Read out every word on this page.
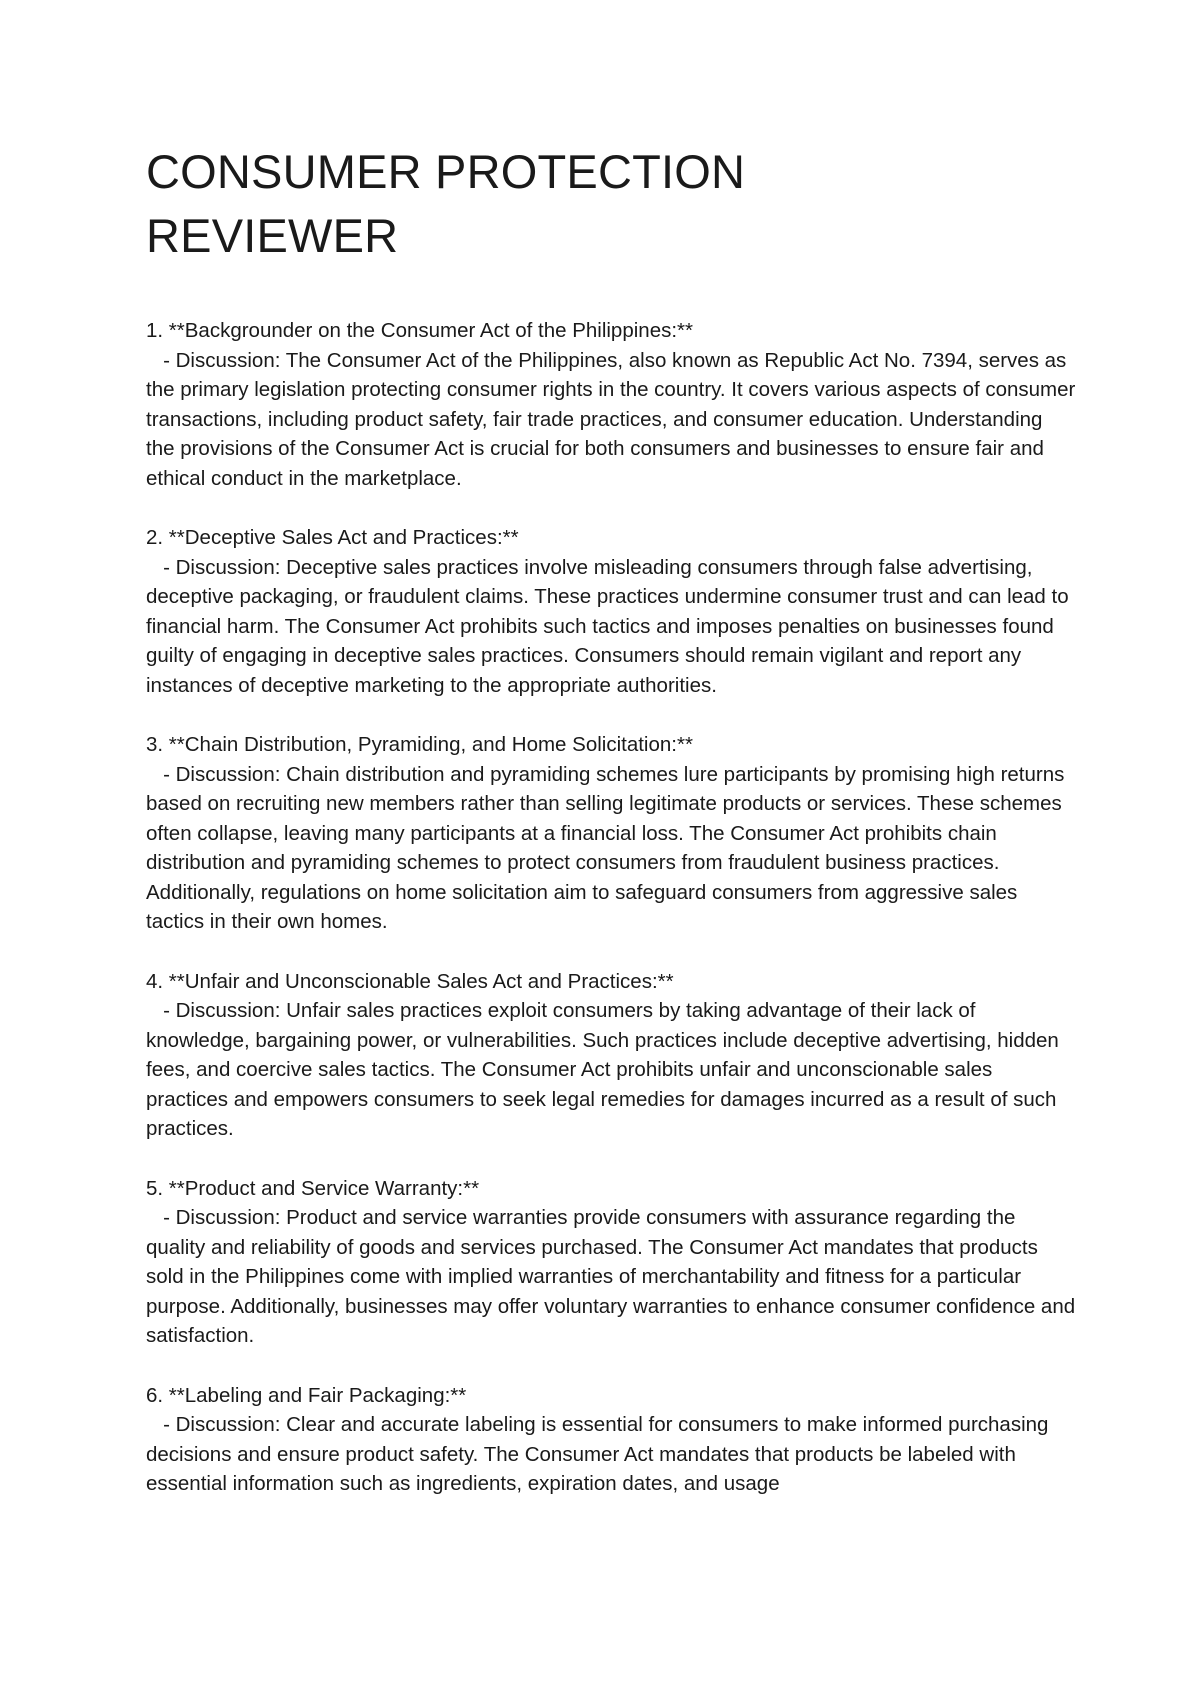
CONSUMER PROTECTION
REVIEWER

1. **Backgrounder on the Consumer Act of the Philippines:**

- Discussion: The Consumer Act of the Philippines, also known as Republic Act No. 7394, serves as the primary legislation protecting consumer rights in the country. It covers various aspects of consumer transactions, including product safety, fair trade practices, and consumer education. Understanding the provisions of the Consumer Act is crucial for both consumers and businesses to ensure fair and ethical conduct in the marketplace.

2. **Deceptive Sales Act and Practices:**

- Discussion: Deceptive sales practices involve misleading consumers through false advertising, deceptive packaging, or fraudulent claims. These practices undermine consumer trust and can lead to financial harm. The Consumer Act prohibits such tactics and imposes penalties on businesses found guilty of engaging in deceptive sales practices. Consumers should remain vigilant and report any instances of deceptive marketing to the appropriate authorities.

3. **Chain Distribution, Pyramiding, and Home Solicitation:**

- Discussion: Chain distribution and pyramiding schemes lure participants by promising high returns based on recruiting new members rather than selling legitimate products or services. These schemes often collapse, leaving many participants at a financial loss. The Consumer Act prohibits chain distribution and pyramiding schemes to protect consumers from fraudulent business practices. Additionally, regulations on home solicitation aim to safeguard consumers from aggressive sales tactics in their own homes.

4. **Unfair and Unconscionable Sales Act and Practices:**

- Discussion: Unfair sales practices exploit consumers by taking advantage of their lack of knowledge, bargaining power, or vulnerabilities. Such practices include deceptive advertising, hidden fees, and coercive sales tactics. The Consumer Act prohibits unfair and unconscionable sales practices and empowers consumers to seek legal remedies for damages incurred as a result of such practices.

5. **Product and Service Warranty:**

- Discussion: Product and service warranties provide consumers with assurance regarding the quality and reliability of goods and services purchased. The Consumer Act mandates that products sold in the Philippines come with implied warranties of merchantability and fitness for a particular purpose. Additionally, businesses may offer voluntary warranties to enhance consumer confidence and satisfaction.

6. **Labeling and Fair Packaging:**

- Discussion: Clear and accurate labeling is essential for consumers to make informed purchasing decisions and ensure product safety. The Consumer Act mandates that products be labeled with essential information such as ingredients, expiration dates, and usage
